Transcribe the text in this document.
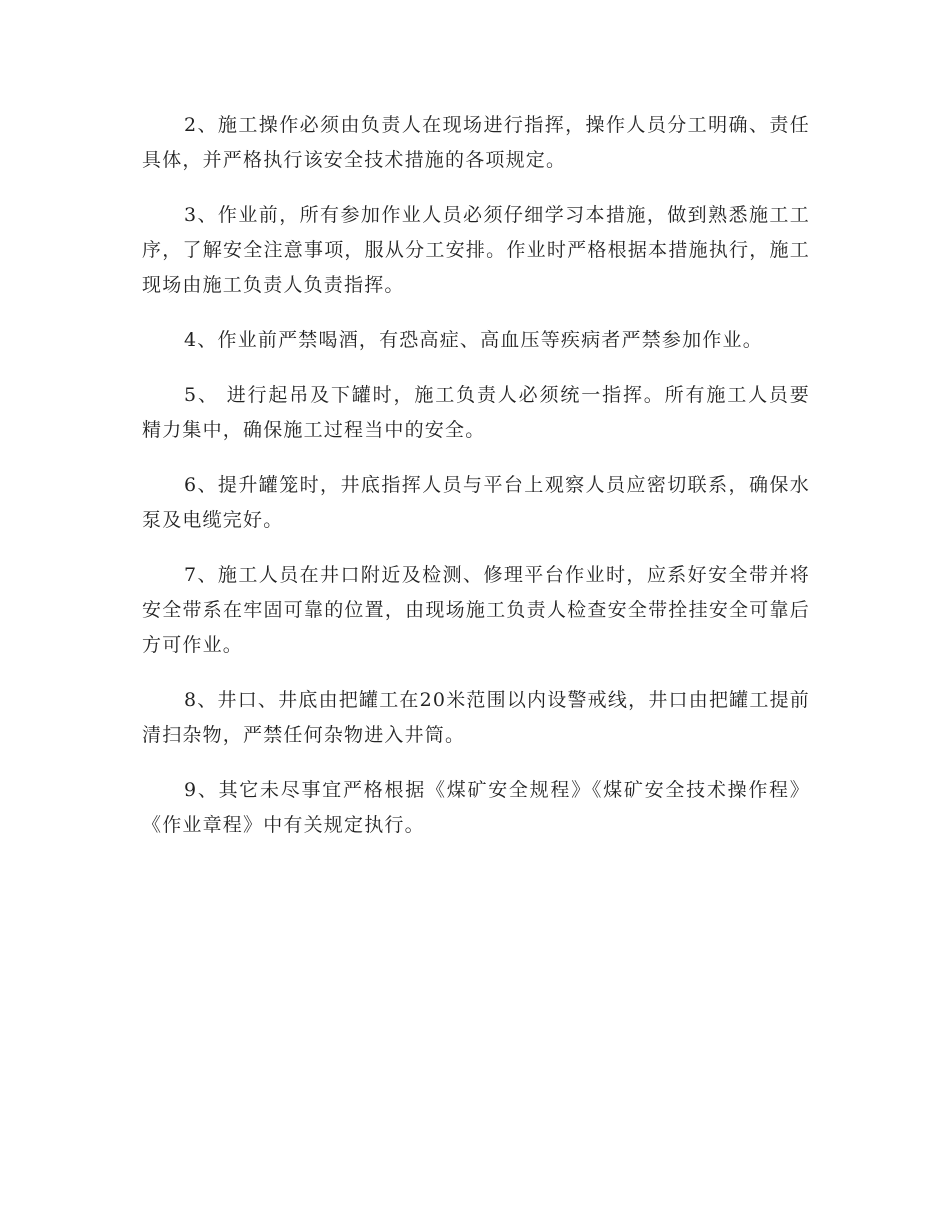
2、施工操作必须由负责人在现场进行指挥，操作人员分工明确、责任具体，并严格执行该安全技术措施的各项规定。

3、作业前，所有参加作业人员必须仔细学习本措施，做到熟悉施工工序，了解安全注意事项，服从分工安排。作业时严格根据本措施执行，施工现场由施工负责人负责指挥。

4、作业前严禁喝酒，有恐高症、高血压等疾病者严禁参加作业。

5、 进行起吊及下罐时，施工负责人必须统一指挥。所有施工人员要精力集中，确保施工过程当中的安全。

6、提升罐笼时，井底指挥人员与平台上观察人员应密切联系，确保水泵及电缆完好。

7、施工人员在井口附近及检测、修理平台作业时，应系好安全带并将安全带系在牢固可靠的位置，由现场施工负责人检查安全带拴挂安全可靠后方可作业。

8、井口、井底由把罐工在20米范围以内设警戒线，井口由把罐工提前清扫杂物，严禁任何杂物进入井筒。

9、其它未尽事宜严格根据《煤矿安全规程》《煤矿安全技术操作程》《作业章程》中有关规定执行。
